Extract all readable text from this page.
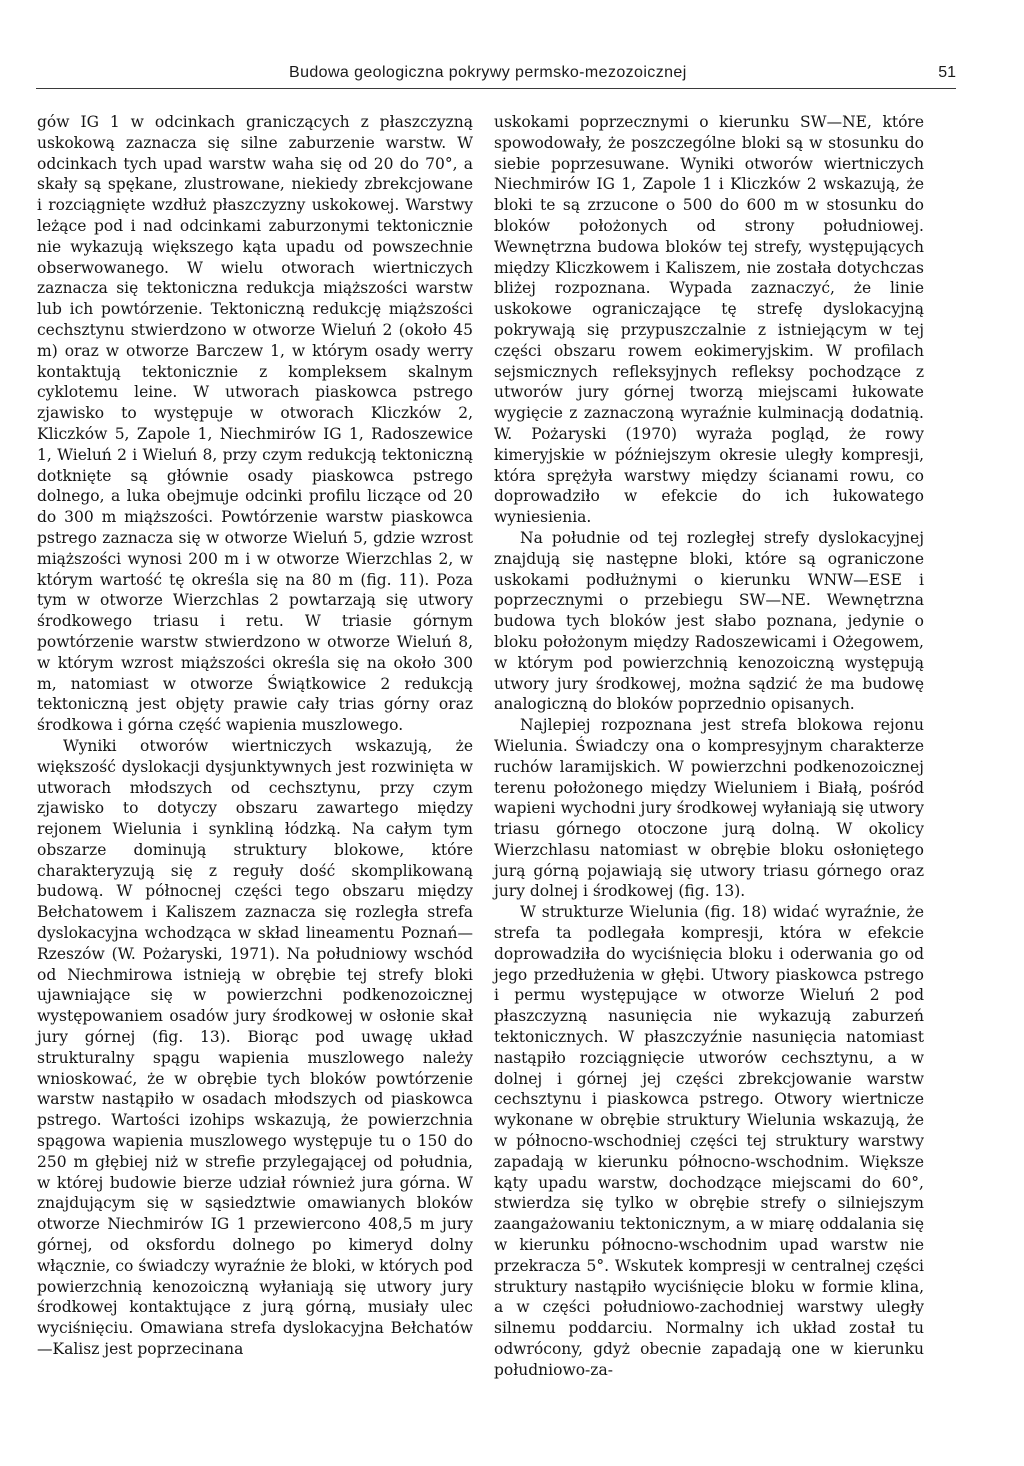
Budowa geologiczna pokrywy permsko-mezozoicznej	51

gów IG 1 w odcinkach graniczących z płaszczyzną uskokową zaznacza się silne zaburzenie warstw. W odcinkach tych upad warstw waha się od 20 do 70°, a skały są spękane, zlustrowane, niekiedy zbrekcjowane i rozciągnięte wzdłuż płaszczyzny uskokowej. Warstwy leżące pod i nad odcinkami zaburzonymi tektonicznie nie wykazują większego kąta upadu od powszechnie obserwowanego. W wielu otworach wiertniczych zaznacza się tektoniczna redukcja miąższości warstw lub ich powtórzenie. Tektoniczną redukcję miąższości cechsztynu stwierdzono w otworze Wieluń 2 (około 45 m) oraz w otworze Barczew 1, w którym osady werry kontaktują tektonicznie z kompleksem skalnym cyklotemu leine. W utworach piaskowca pstrego zjawisko to występuje w otworach Kliczków 2, Kliczków 5, Zapole 1, Niechmirów IG 1, Radoszewice 1, Wieluń 2 i Wieluń 8, przy czym redukcją tektoniczną dotknięte są głównie osady piaskowca pstrego dolnego, a luka obejmuje odcinki profilu liczące od 20 do 300 m miąższości. Powtórzenie warstw piaskowca pstrego zaznacza się w otworze Wieluń 5, gdzie wzrost miąższości wynosi 200 m i w otworze Wierzchlas 2, w którym wartość tę określa się na 80 m (fig. 11). Poza tym w otworze Wierzchlas 2 powtarzają się utwory środkowego triasu i retu. W triasie górnym powtórzenie warstw stwierdzono w otworze Wieluń 8, w którym wzrost miąższości określa się na około 300 m, natomiast w otworze Świątkowice 2 redukcją tektoniczną jest objęty prawie cały trias górny oraz środkowa i górna część wapienia muszlowego.

Wyniki otworów wiertniczych wskazują, że większość dyslokacji dysjunktywnych jest rozwinięta w utworach młodszych od cechsztynu, przy czym zjawisko to dotyczy obszaru zawartego między rejonem Wielunia i synkliną łódzką. Na całym tym obszarze dominują struktury blokowe, które charakteryzują się z reguły dość skomplikowaną budową. W północnej części tego obszaru między Bełchatowem i Kaliszem zaznacza się rozległa strefa dyslokacyjna wchodząca w skład lineamentu Poznań—Rzeszów (W. Pożaryski, 1971). Na południowy wschód od Niechmirowa istnieją w obrębie tej strefy bloki ujawniające się w powierzchni podkenozoicznej występowaniem osadów jury środkowej w osłonie skał jury górnej (fig. 13). Biorąc pod uwagę układ strukturalny spągu wapienia muszlowego należy wnioskować, że w obrębie tych bloków powtórzenie warstw nastąpiło w osadach młodszych od piaskowca pstrego. Wartości izohips wskazują, że powierzchnia spągowa wapienia muszlowego występuje tu o 150 do 250 m głębiej niż w strefie przylegającej od południa, w której budowie bierze udział również jura górna. W znajdującym się w sąsiedztwie omawianych bloków otworze Niechmirów IG 1 przewiercono 408,5 m jury górnej, od oksfordu dolnego po kimeryd dolny włącznie, co świadczy wyraźnie że bloki, w których pod powierzchnią kenozoiczną wyłaniają się utwory jury środkowej kontaktujące z jurą górną, musiały ulec wyciśnięciu. Omawiana strefa dyslokacyjna Bełchatów—Kalisz jest poprzecinana

uskokami poprzecznymi o kierunku SW—NE, które spowodowały, że poszczególne bloki są w stosunku do siebie poprzesuwane. Wyniki otworów wiertniczych Niechmirów IG 1, Zapole 1 i Kliczków 2 wskazują, że bloki te są zrzucone o 500 do 600 m w stosunku do bloków położonych od strony południowej. Wewnętrzna budowa bloków tej strefy, występujących między Kliczkowem i Kaliszem, nie została dotychczas bliżej rozpoznana. Wypada zaznaczyć, że linie uskokowe ograniczające tę strefę dyslokacyjną pokrywają się przypuszczalnie z istniejącym w tej części obszaru rowem eokimeryjskim. W profilach sejsmicznych refleksyjnych refleksy pochodzące z utworów jury górnej tworzą miejscami łukowate wygięcie z zaznaczoną wyraźnie kulminacją dodatnią. W. Pożaryski (1970) wyraża pogląd, że rowy kimeryjskie w późniejszym okresie uległy kompresji, która sprężyła warstwy między ścianami rowu, co doprowadziło w efekcie do ich łukowatego wyniesienia.

Na południe od tej rozległej strefy dyslokacyjnej znajdują się następne bloki, które są ograniczone uskokami podłużnymi o kierunku WNW—ESE i poprzecznymi o przebiegu SW—NE. Wewnętrzna budowa tych bloków jest słabo poznana, jedynie o bloku położonym między Radoszewicami i Ożegowem, w którym pod powierzchnią kenozoiczną występują utwory jury środkowej, można sądzić że ma budowę analogiczną do bloków poprzednio opisanych.

Najlepiej rozpoznana jest strefa blokowa rejonu Wielunia. Świadczy ona o kompresyjnym charakterze ruchów laramijskich. W powierzchni podkenozoicznej terenu położonego między Wieluniem i Białą, pośród wapieni wychodni jury środkowej wyłaniają się utwory triasu górnego otoczone jurą dolną. W okolicy Wierzchlasu natomiast w obrębie bloku osłoniętego jurą górną pojawiają się utwory triasu górnego oraz jury dolnej i środkowej (fig. 13).

W strukturze Wielunia (fig. 18) widać wyraźnie, że strefa ta podlegała kompresji, która w efekcie doprowadziła do wyciśnięcia bloku i oderwania go od jego przedłużenia w głębi. Utwory piaskowca pstrego i permu występujące w otworze Wieluń 2 pod płaszczyzną nasunięcia nie wykazują zaburzeń tektonicznych. W płaszczyźnie nasunięcia natomiast nastąpiło rozciągnięcie utworów cechsztynu, a w dolnej i górnej jej części zbrekcjowanie warstw cechsztynu i piaskowca pstrego. Otwory wiertnicze wykonane w obrębie struktury Wielunia wskazują, że w północno-wschodniej części tej struktury warstwy zapadają w kierunku północno-wschodnim. Większe kąty upadu warstw, dochodzące miejscami do 60°, stwierdza się tylko w obrębie strefy o silniejszym zaangażowaniu tektonicznym, a w miarę oddalania się w kierunku północno-wschodnim upad warstw nie przekracza 5°. Wskutek kompresji w centralnej części struktury nastąpiło wyciśnięcie bloku w formie klina, a w części południowo-zachodniej warstwy uległy silnemu poddarciu. Normalny ich układ został tu odwrócony, gdyż obecnie zapadają one w kierunku południowo-za-
